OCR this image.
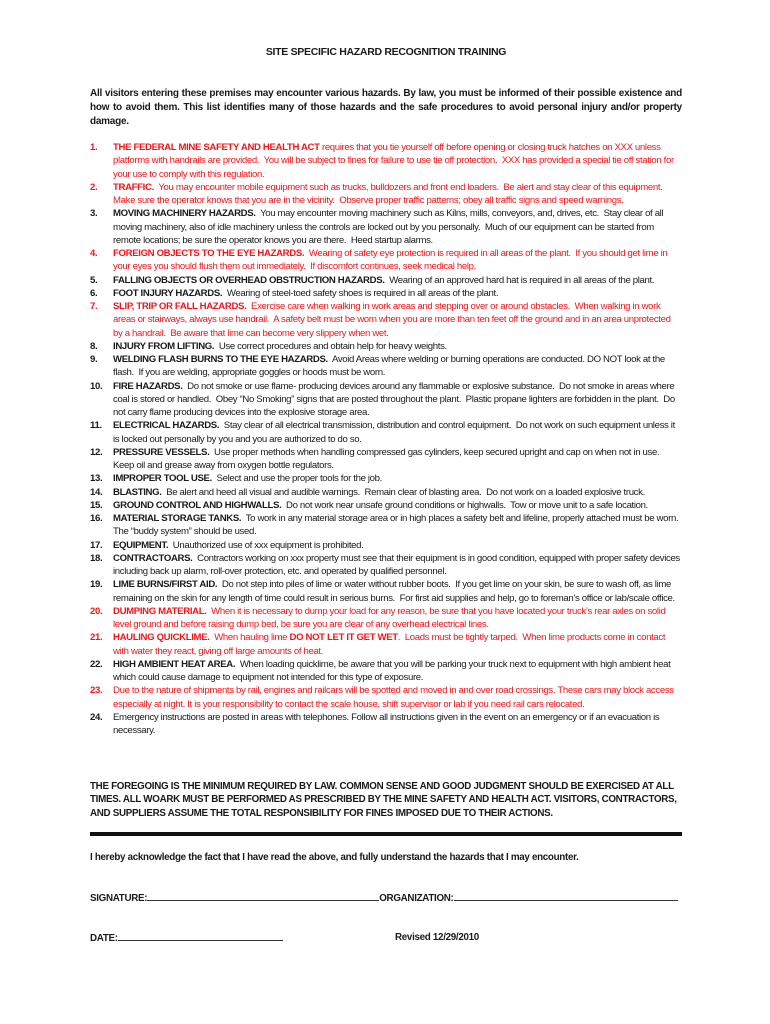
SITE SPECIFIC HAZARD RECOGNITION TRAINING
All visitors entering these premises may encounter various hazards. By law, you must be informed of their possible existence and how to avoid them. This list identifies many of those hazards and the safe procedures to avoid personal injury and/or property damage.
1.	THE FEDERAL MINE SAFETY AND HEALTH ACT requires that you tie yourself off before opening or closing truck hatches on XXX unless platforms with handrails are provided.  You will be subject to fines for failure to use tie off protection.  XXX has provided a special tie off station for your use to comply with this regulation.
2.	TRAFFIC.  You may encounter mobile equipment such as trucks, bulldozers and front end loaders.  Be alert and stay clear of this equipment.  Make sure the operator knows that you are in the vicinity.  Observe proper traffic patterns; obey all traffic signs and speed warnings.
3.	MOVING MACHINERY HAZARDS.  You may encounter moving machinery such as Kilns, mills, conveyors, and, drives, etc.  Stay clear of all moving machinery, also of idle machinery unless the controls are locked out by you personally.  Much of our equipment can be started from remote locations; be sure the operator knows you are there.  Heed startup alarms.
4.	FOREIGN OBJECTS TO THE EYE HAZARDS.  Wearing of safety eye protection is required in all areas of the plant.  If you should get lime in your eyes you should flush them out immediately.  If discomfort continues, seek medical help.
5.	FALLING OBJECTS OR OVERHEAD OBSTRUCTION HAZARDS.  Wearing of an approved hard hat is required in all areas of the plant.
6.	FOOT INJURY HAZARDS.  Wearing of steel-toed safety shoes is required in all areas of the plant.
7.	SLIP, TRIP OR FALL HAZARDS.  Exercise care when walking in work areas and stepping over or around obstacles.  When walking in work areas or stairways, always use handrail.  A safety belt must be worn when you are more than ten feet off the ground and in an area unprotected by a handrail.  Be aware that lime can become very slippery when wet.
8.	INJURY FROM LIFTING.  Use correct procedures and obtain help for heavy weights.
9.	WELDING FLASH BURNS TO THE EYE HAZARDS.  Avoid Areas where welding or burning operations are conducted. DO NOT look at the flash.  If you are welding, appropriate goggles or hoods must be worn.
10.	FIRE HAZARDS.  Do not smoke or use flame- producing devices around any flammable or explosive substance.  Do not smoke in areas where coal is stored or handled.  Obey “No Smoking” signs that are posted throughout the plant.  Plastic propane lighters are forbidden in the plant.  Do not carry flame producing devices into the explosive storage area.
11.	ELECTRICAL HAZARDS.  Stay clear of all electrical transmission, distribution and control equipment.  Do not work on such equipment unless it is locked out personally by you and you are authorized to do so.
12.	PRESSURE VESSELS.  Use proper methods when handling compressed gas cylinders, keep secured upright and cap on when not in use.  Keep oil and grease away from oxygen bottle regulators.
13.	IMPROPER TOOL USE.  Select and use the proper tools for the job.
14.	BLASTING.  Be alert and heed all visual and audible warnings.  Remain clear of blasting area.  Do not work on a loaded explosive truck.
15.	GROUND CONTROL AND HIGHWALLS.  Do not work near unsafe ground conditions or highwalls.  Tow or move unit to a safe location.
16.	MATERIAL STORAGE TANKS.  To work in any material storage area or in high places a safety belt and lifeline, properly attached must be worn.  The “buddy system” should be used.
17.	EQUIPMENT.  Unauthorized use of xxx equipment is prohibited.
18.	CONTRACTOARS.  Contractors working on xxx property must see that their equipment is in good condition, equipped with proper safety devices including back up alarm, roll-over protection, etc. and operated by qualified personnel.
19.	LIME BURNS/FIRST AID.  Do not step into piles of lime or water without rubber boots.  If you get lime on your skin, be sure to wash off, as lime remaining on the skin for any length of time could result in serious burns.  For first aid supplies and help, go to foreman’s office or lab/scale office.
20.	DUMPING MATERIAL.  When it is necessary to dump your load for any reason, be sure that you have located your truck’s rear axles on solid level ground and before raising dump bed, be sure you are clear of any overhead electrical lines.
21.	HAULING QUICKLIME.  When hauling lime DO NOT LET IT GET WET.  Loads must be tightly tarped.  When lime products come in contact with water they react, giving off large amounts of heat.
22.	HIGH AMBIENT HEAT AREA.  When loading quicklime, be aware that you will be parking your truck next to equipment with high ambient heat which could cause damage to equipment not intended for this type of exposure.
23.	Due to the nature of shipments by rail, engines and railcars will be spotted and moved in and over road crossings. These cars may block access especially at night. It is your responsibility to contact the scale house, shift supervisor or lab if you need rail cars relocated.
24.	Emergency instructions are posted in areas with telephones. Follow all instructions given in the event on an emergency or if an evacuation is necessary.
THE FOREGOING IS THE MINIMUM REQUIRED BY LAW. COMMON SENSE AND GOOD JUDGMENT SHOULD BE EXERCISED AT ALL TIMES. ALL WOARK MUST BE PERFORMED AS PRESCRIBED BY THE MINE SAFETY AND HEALTH ACT. VISITORS, CONTRACTORS, AND SUPPLIERS ASSUME THE TOTAL RESPONSIBILITY FOR FINES IMPOSED DUE TO THEIR ACTIONS.
I hereby acknowledge the fact that I have read the above, and fully understand the hazards that I may encounter.
SIGNATURE:	ORGANIZATION:
DATE:	Revised 12/29/2010
